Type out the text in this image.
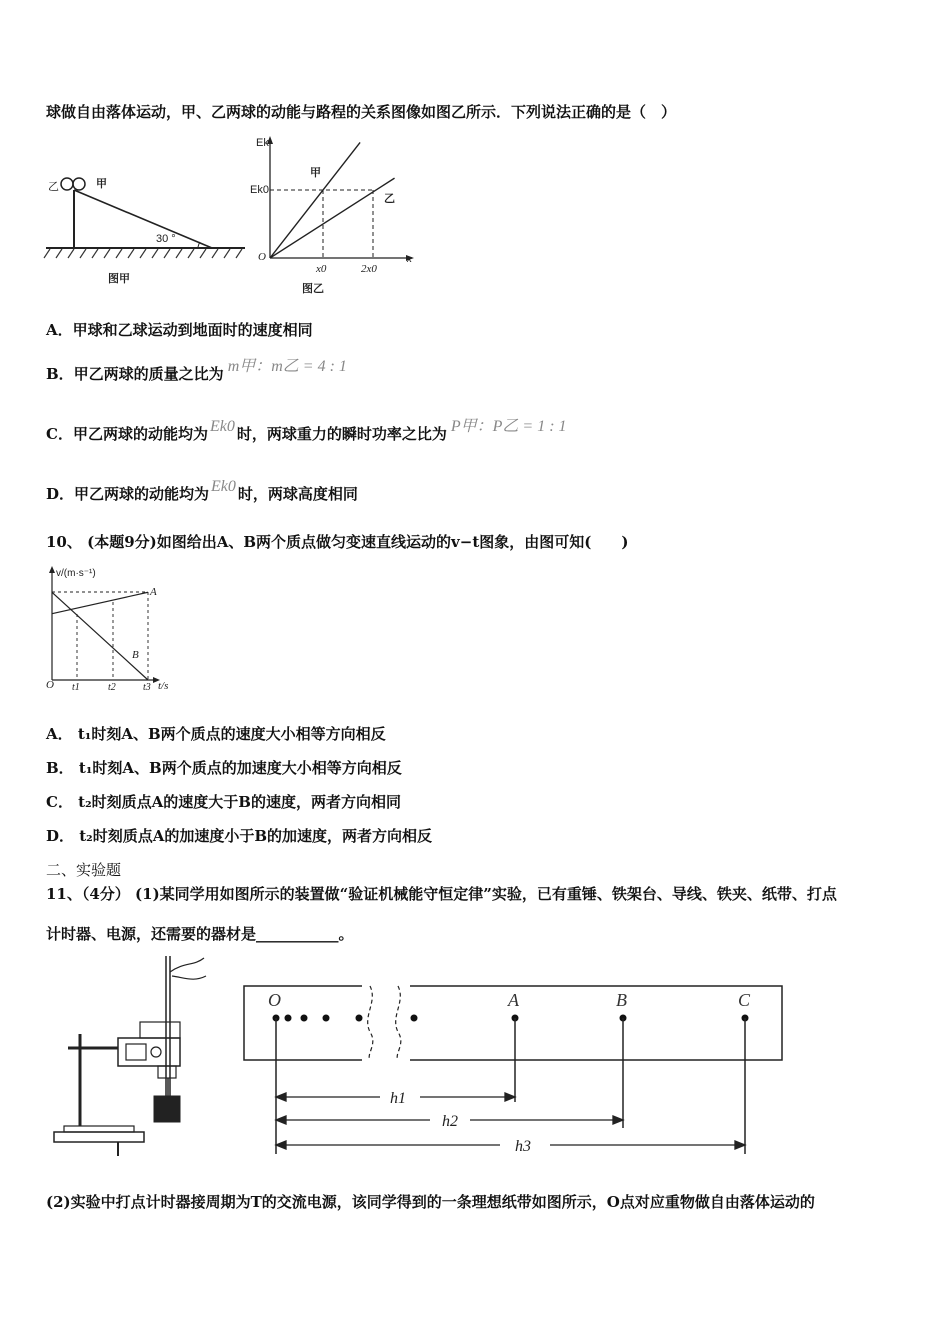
球做自由落体运动，甲、乙两球的动能与路程的关系图像如图乙所示．下列说法正确的是（　）
乙	甲
30 °
图甲
Ek
Ek0
O	x
x0	2x0
甲
乙
图乙
A．甲球和乙球运动到地面时的速度相同
B．甲乙两球的质量之比为 m甲：m乙 = 4 : 1
C．甲乙两球的动能均为 Ek0 时，两球重力的瞬时功率之比为 P甲：P乙 = 1 : 1
D．甲乙两球的动能均为 Ek0 时，两球高度相同
10、 (本题9分)如图给出A、B两个质点做匀变速直线运动的v−t图象，由图可知(　　)
v/(m·s⁻¹)
O t1	t2	t3 t/s
A
B
A． t₁时刻A、B两个质点的速度大小相等方向相反
B． t₁时刻A、B两个质点的加速度大小相等方向相反
C． t₂时刻质点A的速度大于B的速度，两者方向相同
D． t₂时刻质点A的加速度小于B的加速度，两者方向相反
二、实验题
11、（4分） (1)某同学用如图所示的装置做“验证机械能守恒定律”实验，已有重锤、铁架台、导线、铁夹、纸带、打点
计时器、电源，还需要的器材是___________。
O	A	B	C
h1
h2
h3
(2)实验中打点计时器接周期为T的交流电源，该同学得到的一条理想纸带如图所示，O点对应重物做自由落体运动的
